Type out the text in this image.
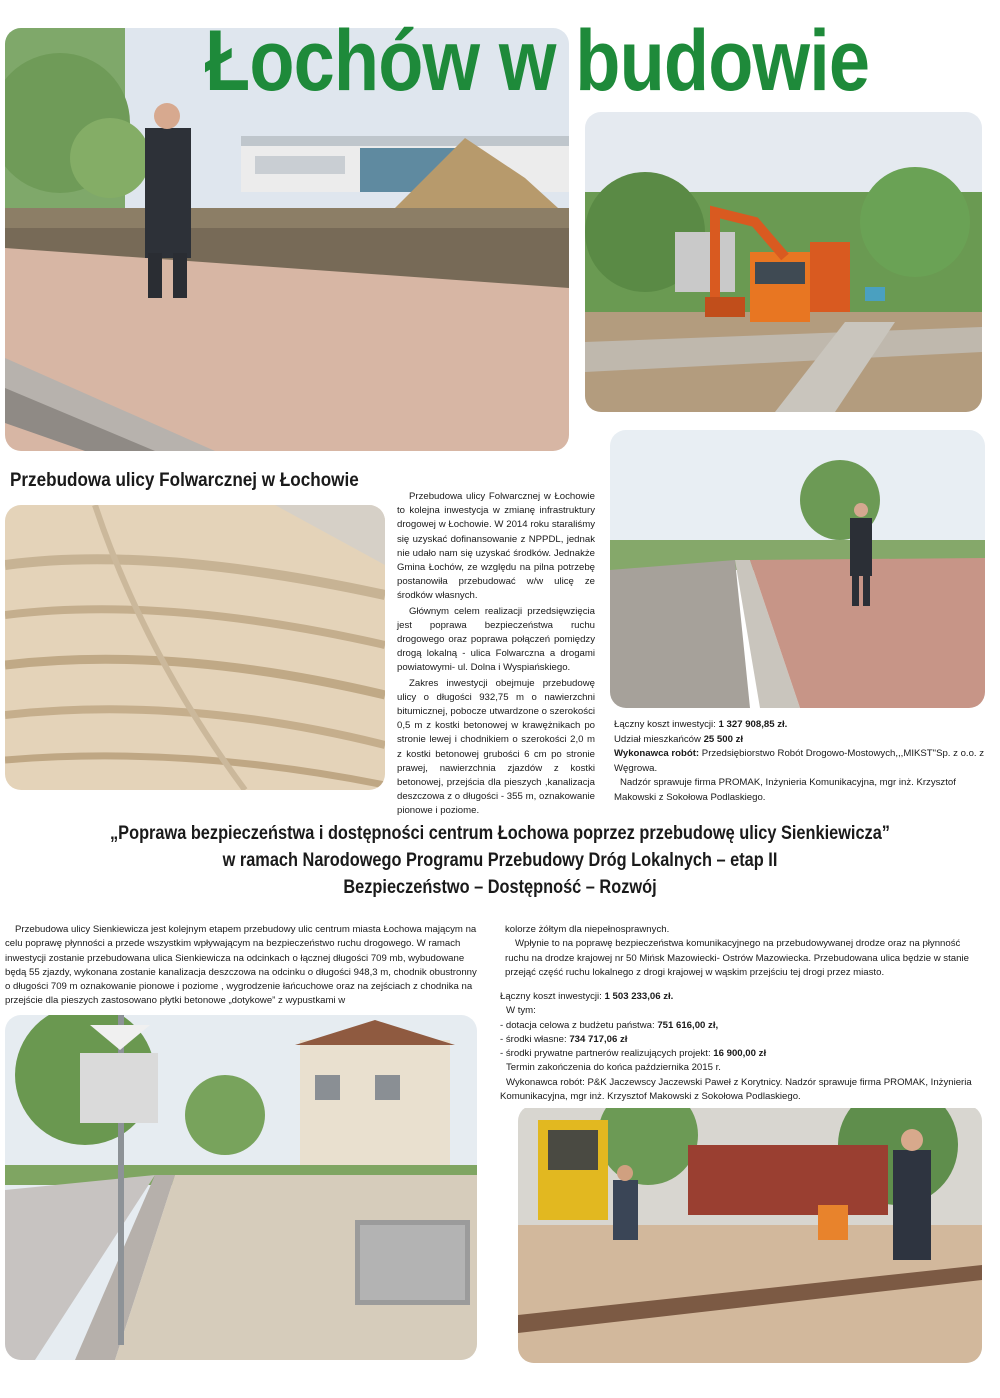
Łochów w budowie
Przebudowa ulicy Folwarcznej w Łochowie

Przebudowa ulicy Folwarcznej w Łochowie to kolejna inwestycja w zmianę infrastruktury drogowej w Łochowie. W 2014 roku staraliśmy się uzyskać dofinansowanie z NPPDL, jednak nie udało nam się uzyskać środków. Jednakże Gmina Łochów, ze względu na pilna potrzebę postanowiła przebudować w/w ulicę ze środków własnych.

Głównym celem realizacji przedsięwzięcia jest poprawa bezpieczeństwa ruchu drogowego oraz poprawa połączeń pomiędzy drogą lokalną - ulica Folwarczna a drogami powiatowymi- ul. Dolna i Wyspiańskiego.

Zakres inwestycji obejmuje przebudowę ulicy o długości 932,75 m o nawierzchni bitumicznej, pobocze utwardzone o szerokości 0,5 m z kostki betonowej w krawężnikach po stronie lewej i chodnikiem o szerokości 2,0 m z kostki betonowej grubości 6 cm po stronie prawej, nawierzchnia zjazdów z kostki betonowej, przejścia dla pieszych ,kanalizacja deszczowa z o długości - 355 m, oznakowanie pionowe i poziome.

Łączny koszt inwestycji: 1 327 908,85 zł.
Udział mieszkańców 25 500 zł
Wykonawca robót: Przedsiębiorstwo Robót Drogowo-Mostowych,,,MIKST"Sp. z o.o. z Węgrowa.
Nadzór sprawuje firma PROMAK, Inżynieria Komunikacyjna, mgr inż. Krzysztof Makowski z Sokołowa Podlaskiego.
„Poprawa bezpieczeństwa i dostępności centrum Łochowa poprzez przebudowę ulicy Sienkiewicza”
w ramach Narodowego Programu Przebudowy Dróg Lokalnych – etap II
Bezpieczeństwo – Dostępność – Rozwój

Przebudowa ulicy Sienkiewicza jest kolejnym etapem przebudowy ulic centrum miasta Łochowa mającym na celu poprawę płynności a przede wszystkim wpływającym na bezpieczeństwo ruchu drogowego. W ramach inwestycji zostanie przebudowana ulica Sienkiewicza na odcinkach o łącznej długości 709 mb, wybudowane będą 55 zjazdy, wykonana zostanie kanalizacja deszczowa na odcinku o długości 948,3 m, chodnik obustronny o długości 709 m oznakowanie pionowe i poziome , wygrodzenie łańcuchowe oraz na zejściach z chodnika na przejście dla pieszych zastosowano płytki betonowe „dotykowe” z wypustkami w

kolorze żółtym dla niepełnosprawnych.

Wpłynie to na poprawę bezpieczeństwa komunikacyjnego na przebudowywanej drodze oraz na płynność ruchu na drodze krajowej nr 50 Mińsk Mazowiecki- Ostrów Mazowiecka. Przebudowana ulica będzie w stanie przejąć część ruchu lokalnego z drogi krajowej w wąskim przejściu tej drogi przez miasto.

Łączny koszt inwestycji: 1 503 233,06 zł.
W tym:
- dotacja celowa z budżetu państwa: 751 616,00 zł,
- środki własne: 734 717,06 zł
- środki prywatne partnerów realizujących projekt: 16 900,00 zł
Termin zakończenia do końca października 2015 r.
Wykonawca robót: P&K Jaczewscy Jaczewski Paweł z Korytnicy. Nadzór sprawuje firma PROMAK, Inżynieria Komunikacyjna, mgr inż. Krzysztof Makowski z Sokołowa Podlaskiego.
